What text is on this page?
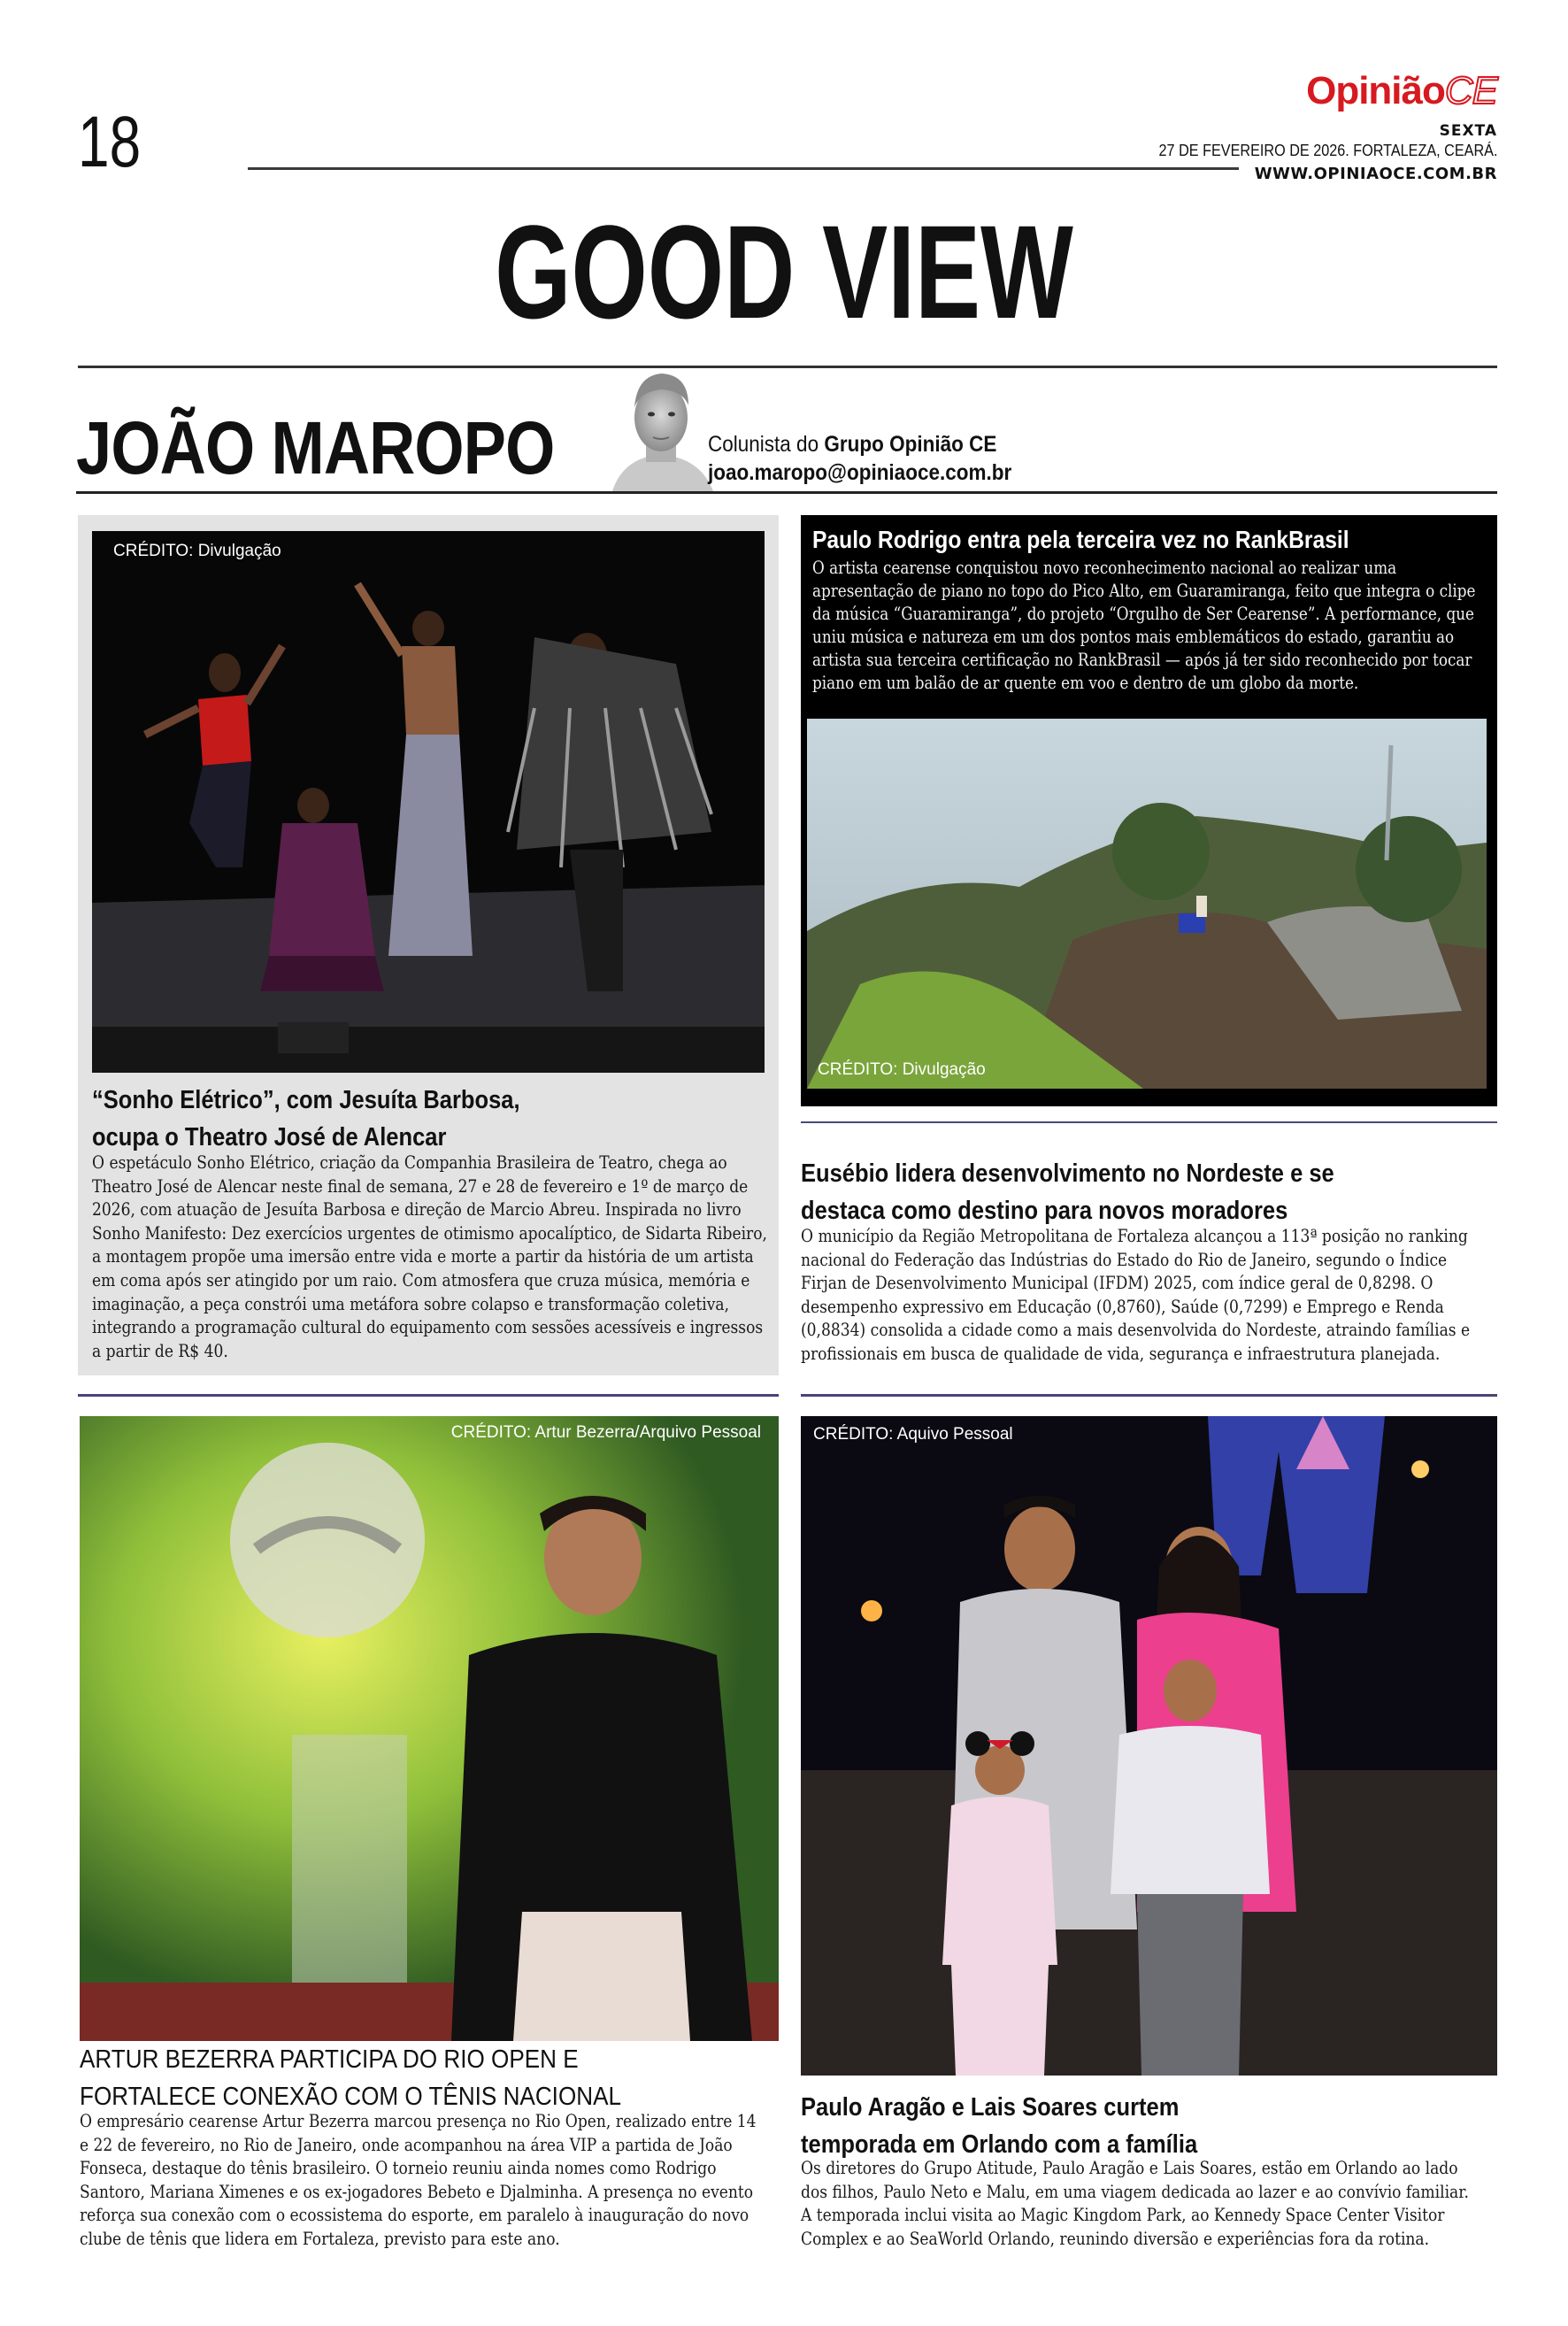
18
OpiniãoCE
SEXTA
27 DE FEVEREIRO DE 2026. FORTALEZA, CEARÁ.
WWW.OPINIAOCE.COM.BR
GOOD VIEW
JOÃO MAROPO	Colunista do Grupo Opinião CE
joao.maropo@opiniaoce.com.br
CRÉDITO: Divulgação
“Sonho Elétrico”, com Jesuíta Barbosa,
ocupa o Theatro José de Alencar
O espetáculo Sonho Elétrico, criação da Companhia Brasileira de Teatro, chega ao Theatro José de Alencar neste final de semana, 27 e 28 de fevereiro e 1º de março de 2026, com atuação de Jesuíta Barbosa e direção de Marcio Abreu. Inspirada no livro Sonho Manifesto: Dez exercícios urgentes de otimismo apocalíptico, de Sidarta Ribeiro, a montagem propõe uma imersão entre vida e morte a partir da história de um artista em coma após ser atingido por um raio. Com atmosfera que cruza música, memória e imaginação, a peça constrói uma metáfora sobre colapso e transformação coletiva, integrando a programação cultural do equipamento com sessões acessíveis e ingressos a partir de R$ 40.
Paulo Rodrigo entra pela terceira vez no RankBrasil
O artista cearense conquistou novo reconhecimento nacional ao realizar uma apresentação de piano no topo do Pico Alto, em Guaramiranga, feito que integra o clipe da música “Guaramiranga”, do projeto “Orgulho de Ser Cearense”. A performance, que uniu música e natureza em um dos pontos mais emblemáticos do estado, garantiu ao artista sua terceira certificação no RankBrasil — após já ter sido reconhecido por tocar piano em um balão de ar quente em voo e dentro de um globo da morte.
CRÉDITO: Divulgação
Eusébio lidera desenvolvimento no Nordeste e se
destaca como destino para novos moradores
O município da Região Metropolitana de Fortaleza alcançou a 113ª posição no ranking nacional do Federação das Indústrias do Estado do Rio de Janeiro, segundo o Índice Firjan de Desenvolvimento Municipal (IFDM) 2025, com índice geral de 0,8298. O desempenho expressivo em Educação (0,8760), Saúde (0,7299) e Emprego e Renda (0,8834) consolida a cidade como a mais desenvolvida do Nordeste, atraindo famílias e profissionais em busca de qualidade de vida, segurança e infraestrutura planejada.
CRÉDITO: Artur Bezerra/Arquivo Pessoal
ARTUR BEZERRA PARTICIPA DO RIO OPEN E
FORTALECE CONEXÃO COM O TÊNIS NACIONAL
O empresário cearense Artur Bezerra marcou presença no Rio Open, realizado entre 14 e 22 de fevereiro, no Rio de Janeiro, onde acompanhou na área VIP a partida de João Fonseca, destaque do tênis brasileiro. O torneio reuniu ainda nomes como Rodrigo Santoro, Mariana Ximenes e os ex-jogadores Bebeto e Djalminha. A presença no evento reforça sua conexão com o ecossistema do esporte, em paralelo à inauguração do novo clube de tênis que lidera em Fortaleza, previsto para este ano.
CRÉDITO: Aquivo Pessoal
Paulo Aragão e Lais Soares curtem
temporada em Orlando com a família
Os diretores do Grupo Atitude, Paulo Aragão e Lais Soares, estão em Orlando ao lado dos filhos, Paulo Neto e Malu, em uma viagem dedicada ao lazer e ao convívio familiar. A temporada inclui visita ao Magic Kingdom Park, ao Kennedy Space Center Visitor Complex e ao SeaWorld Orlando, reunindo diversão e experiências fora da rotina.
